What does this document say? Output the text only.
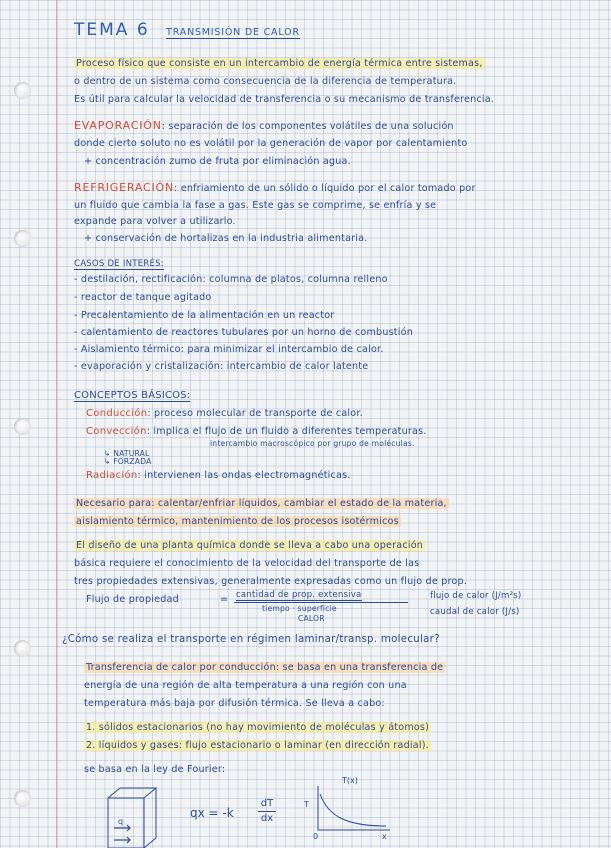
TEMA 6 TRANSMISIÓN DE CALOR
Proceso físico que consiste en un intercambio de energía térmica entre sistemas,
o dentro de un sistema como consecuencia de la diferencia de temperatura.
Es útil para calcular la velocidad de transferencia o su mecanismo de transferencia.
EVAPORACIÓN: separación de los componentes volátiles de una solución
donde cierto soluto no es volátil por la generación de vapor por calentamiento
+ concentración zumo de fruta por eliminación agua.
REFRIGERACIÓN: enfriamiento de un sólido o líquido por el calor tomado por
un fluido que cambia la fase a gas. Este gas se comprime, se enfría y se
expande para volver a utilizarlo.
+ conservación de hortalizas en la industria alimentaria.
CASOS DE INTERÉS:
- destilación, rectificación: columna de platos, columna relleno
- reactor de tanque agitado
- Precalentamiento de la alimentación en un reactor
- calentamiento de reactores tubulares por un horno de combustión
- Aislamiento térmico: para minimizar el intercambio de calor.
- evaporación y cristalización: intercambio de calor latente
CONCEPTOS BÁSICOS:
Conducción: proceso molecular de transporte de calor.
Convección: implica el flujo de un fluido a diferentes temperaturas.
intercambio macroscópico por grupo de moléculas.
↳ NATURAL
↳ FORZADA
Radiación: intervienen las ondas electromagnéticas.
Necesario para: calentar/enfriar líquidos, cambiar el estado de la materia,
aislamiento térmico, mantenimiento de los procesos isotérmicos
El diseño de una planta química donde se lleva a cabo una operación
básica requiere el conocimiento de la velocidad del transporte de las
tres propiedades extensivas, generalmente expresadas como un flujo de prop.
Flujo de propiedad	= cantidad de prop. extensiva
tiempo · superficie
CALOR
flujo de calor (J/m²s)
caudal de calor (J/s)
¿Cómo se realiza el transporte en régimen laminar/transp. molecular?
Transferencia de calor por conducción: se basa en una transferencia de
energía de una región de alta temperatura a una región con una
temperatura más baja por difusión térmica. Se lleva a cabo:
1. sólidos estacionarios (no hay movimiento de moléculas y átomos)
2. líquidos y gases: flujo estacionario o laminar (en dirección radial).
se basa en la ley de Fourier:
q
qx = -k
dT
dx
T(x)
T
x
0
